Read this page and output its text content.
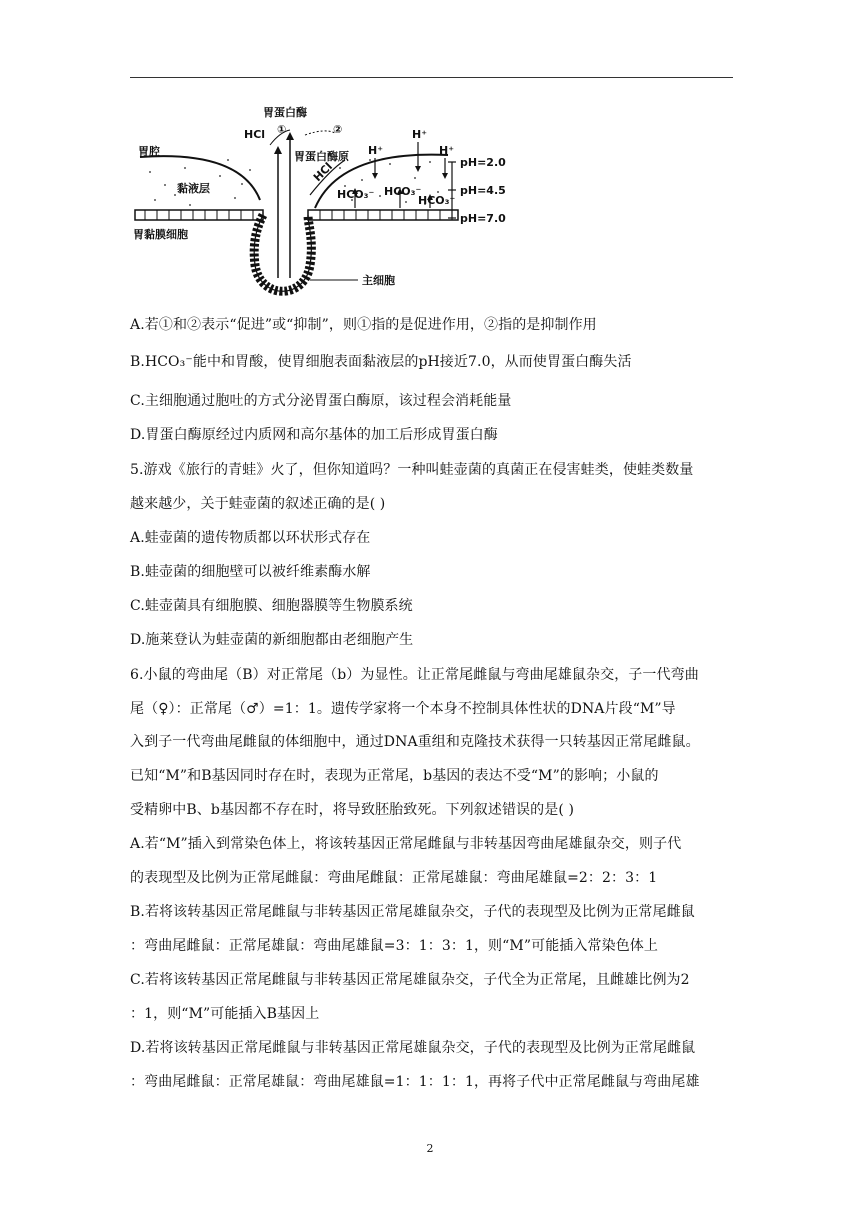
胃蛋白酶
①	②
HCl
胃蛋白酶原
HCl
胃腔
黏液层
胃黏膜细胞
主细胞
H⁺
H⁺
H⁺
HCO₃⁻ HCO₃⁻
HCO₃⁻
pH=2.0
pH=4.5
pH=7.0
A.若①和②表示“促进”或“抑制”，则①指的是促进作用，②指的是抑制作用
B.HCO₃⁻能中和胃酸，使胃细胞表面黏液层的pH接近7.0，从而使胃蛋白酶失活
C.主细胞通过胞吐的方式分泌胃蛋白酶原，该过程会消耗能量
D.胃蛋白酶原经过内质网和高尔基体的加工后形成胃蛋白酶
5.游戏《旅行的青蛙》火了，但你知道吗？一种叫蛙壶菌的真菌正在侵害蛙类，使蛙类数量
越来越少，关于蛙壶菌的叙述正确的是( )
A.蛙壶菌的遗传物质都以环状形式存在
B.蛙壶菌的细胞壁可以被纤维素酶水解
C.蛙壶菌具有细胞膜、细胞器膜等生物膜系统
D.施莱登认为蛙壶菌的新细胞都由老细胞产生
6.小鼠的弯曲尾（B）对正常尾（b）为显性。让正常尾雌鼠与弯曲尾雄鼠杂交，子一代弯曲
尾（♀）：正常尾（♂）=1：1。遗传学家将一个本身不控制具体性状的DNA片段“M”导
入到子一代弯曲尾雌鼠的体细胞中，通过DNA重组和克隆技术获得一只转基因正常尾雌鼠。
已知“M”和B基因同时存在时，表现为正常尾，b基因的表达不受“M”的影响；小鼠的
受精卵中B、b基因都不存在时，将导致胚胎致死。下列叙述错误的是( )
A.若“M”插入到常染色体上，将该转基因正常尾雌鼠与非转基因弯曲尾雄鼠杂交，则子代
的表现型及比例为正常尾雌鼠：弯曲尾雌鼠：正常尾雄鼠：弯曲尾雄鼠=2：2：3：1
B.若将该转基因正常尾雌鼠与非转基因正常尾雄鼠杂交，子代的表现型及比例为正常尾雌鼠
：弯曲尾雌鼠：正常尾雄鼠：弯曲尾雄鼠=3：1：3：1，则“M”可能插入常染色体上
C.若将该转基因正常尾雌鼠与非转基因正常尾雄鼠杂交，子代全为正常尾，且雌雄比例为2
：1，则“M”可能插入B基因上
D.若将该转基因正常尾雌鼠与非转基因正常尾雄鼠杂交，子代的表现型及比例为正常尾雌鼠
：弯曲尾雌鼠：正常尾雄鼠：弯曲尾雄鼠=1：1：1：1，再将子代中正常尾雌鼠与弯曲尾雄
2
